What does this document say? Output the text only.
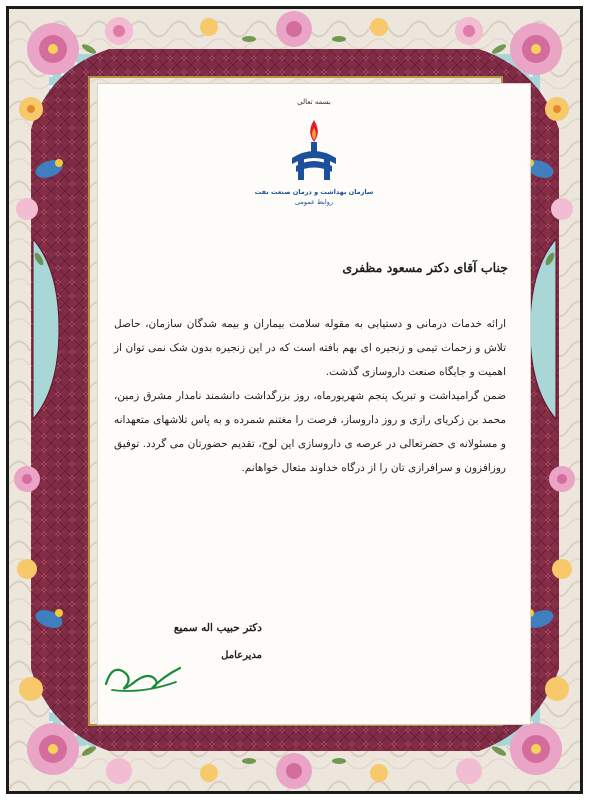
بسمه تعالی
سازمان بهداشت و درمان صنعت نفت
روابط عمومی
جناب آقای دکتر مسعود مظفری

ارائه خدمات درمانی و دستیابی به مقوله سلامت بیماران و بیمه شدگان سازمان، حاصل تلاش و زحمات تیمی و زنجیره ای بهم بافته است که در این زنجیره بدون شک نمی توان از اهمیت و جایگاه صنعت داروسازی گذشت.

ضمن گرامیداشت و تبریک پنجم شهریورماه، روز بزرگداشت دانشمند نامدار مشرق زمین، محمد بن زکریای رازی و روز داروساز، فرصت را مغتنم شمرده و به پاس تلاشهای متعهدانه و مسئولانه ی حضرتعالی در عرصه ی داروسازی این لوح، تقدیم حضورتان می گردد. توفیق روزافزون و سرافرازی تان را از درگاه خداوند متعال خواهانم.

دکتر حبیب اله سمیع
مدیرعامل
